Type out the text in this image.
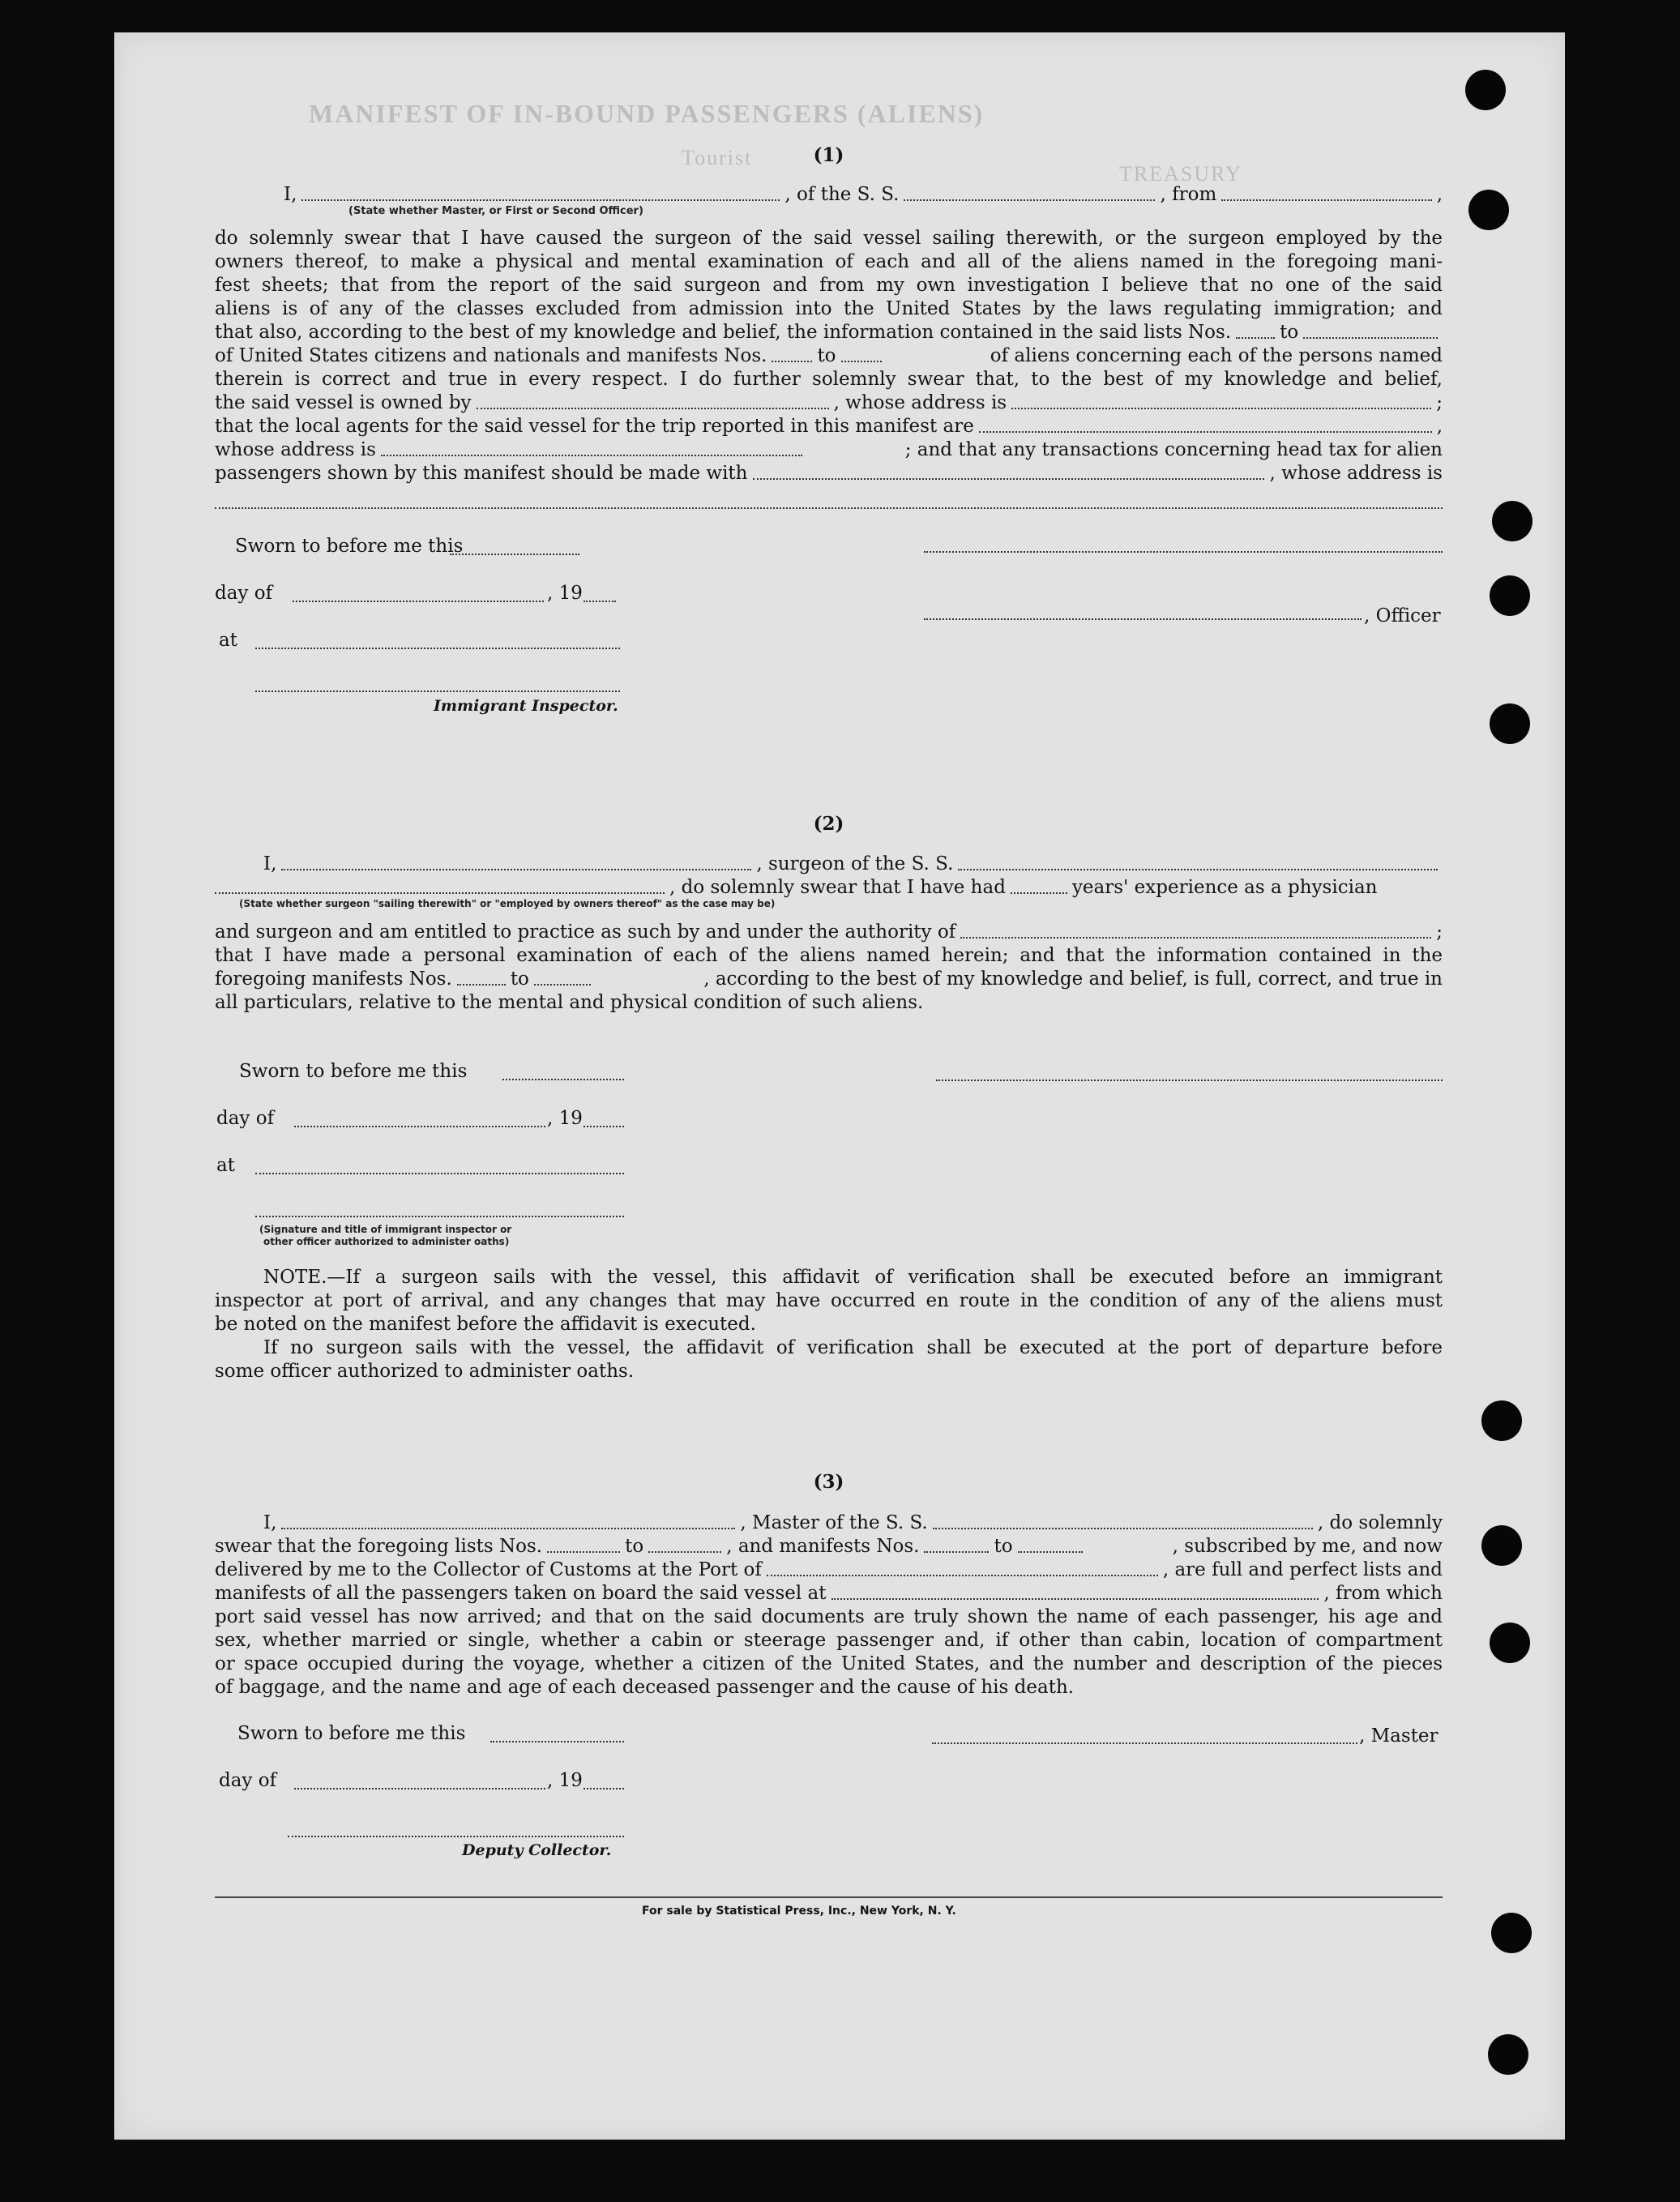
MANIFEST OF IN-BOUND PASSENGERS (ALIENS)
TREASURY
Tourist	(1)
I,	, of the S. S.	, from	,
(State whether Master, or First or Second Officer)
do solemnly swear that I have caused the surgeon of the said vessel sailing therewith, or the surgeon employed by the
owners thereof, to make a physical and mental examination of each and all of the aliens named in the foregoing mani-
fest sheets; that from the report of the said surgeon and from my own investigation I believe that no one of the said
aliens is of any of the classes excluded from admission into the United States by the laws regulating immigration; and
that also, according to the best of my knowledge and belief, the information contained in the said lists Nos.	to
of United States citizens and nationals and manifests Nos.	to	of aliens concerning each of the persons named
therein is correct and true in every respect. I do further solemnly swear that, to the best of my knowledge and belief,
the said vessel is owned by	, whose address is	;
that the local agents for the said vessel for the trip reported in this manifest are	,
whose address is	; and that any transactions concerning head tax for alien
passengers shown by this manifest should be made with	, whose address is
Sworn to before me this
day of	, 19
, Officer
at
Immigrant Inspector.
(2)
I,	, surgeon of the S. S.
, do solemnly swear that I have had	years' experience as a physician
(State whether surgeon "sailing therewith" or "employed by owners thereof" as the case may be)
and surgeon and am entitled to practice as such by and under the authority of	;
that I have made a personal examination of each of the aliens named herein; and that the information contained in the
foregoing manifests Nos.	to	, according to the best of my knowledge and belief, is full, correct, and true in
all particulars, relative to the mental and physical condition of such aliens.
Sworn to before me this
day of	, 19
at
(Signature and title of immigrant inspector or
other officer authorized to administer oaths)
NOTE.—If a surgeon sails with the vessel, this affidavit of verification shall be executed before an immigrant
inspector at port of arrival, and any changes that may have occurred en route in the condition of any of the aliens must
be noted on the manifest before the affidavit is executed.
If no surgeon sails with the vessel, the affidavit of verification shall be executed at the port of departure before
some officer authorized to administer oaths.
(3)
I,	, Master of the S. S.	, do solemnly
swear that the foregoing lists Nos.	to	, and manifests Nos.	to	, subscribed by me, and now
delivered by me to the Collector of Customs at the Port of	, are full and perfect lists and
manifests of all the passengers taken on board the said vessel at	, from which
port said vessel has now arrived; and that on the said documents are truly shown the name of each passenger, his age and
sex, whether married or single, whether a cabin or steerage passenger and, if other than cabin, location of compartment
or space occupied during the voyage, whether a citizen of the United States, and the number and description of the pieces
of baggage, and the name and age of each deceased passenger and the cause of his death.
Sworn to before me this	, Master
day of	, 19
Deputy Collector.
For sale by Statistical Press, Inc., New York, N. Y.
